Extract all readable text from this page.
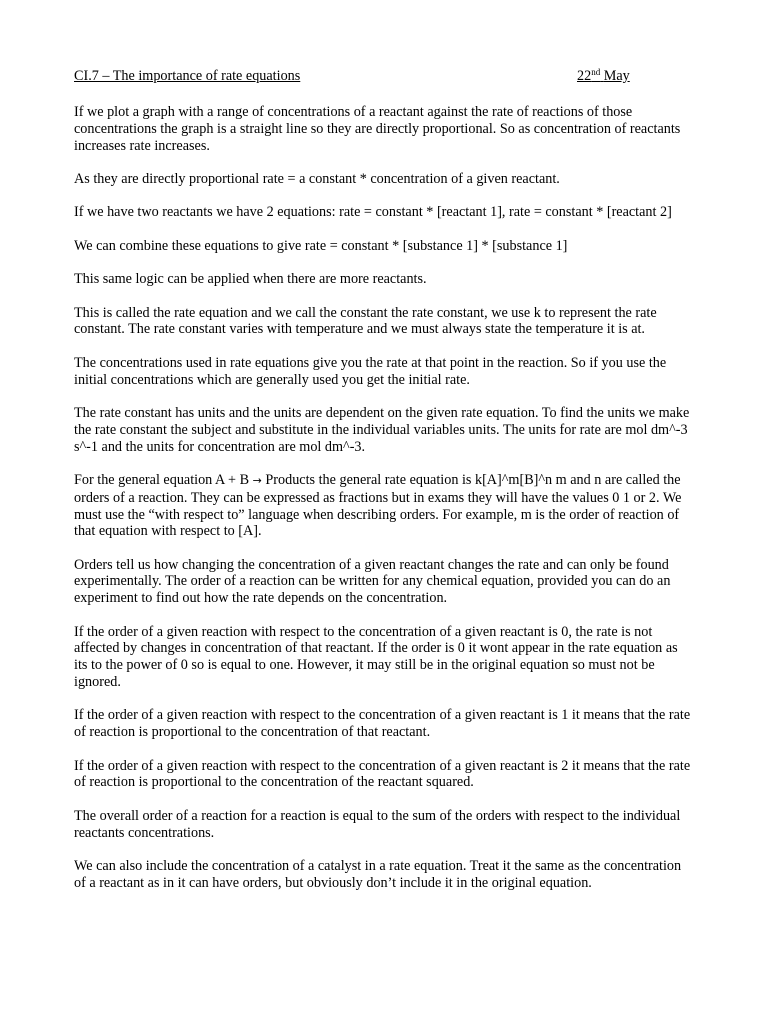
CI.7 – The importance of rate equations	22nd May

If we plot a graph with a range of concentrations of a reactant against the rate of reactions of those concentrations the graph is a straight line so they are directly proportional. So as concentration of reactants increases rate increases.

As they are directly proportional rate = a constant * concentration of a given reactant.

If we have two reactants we have 2 equations: rate = constant * [reactant 1], rate = constant * [reactant 2]

We can combine these equations to give rate = constant * [substance 1] * [substance 1]

This same logic can be applied when there are more reactants.

This is called the rate equation and we call the constant the rate constant, we use k to represent the rate constant. The rate constant varies with temperature and we must always state the temperature it is at.

The concentrations used in rate equations give you the rate at that point in the reaction. So if you use the initial concentrations which are generally used you get the initial rate.

The rate constant has units and the units are dependent on the given rate equation. To find the units we make the rate constant the subject and substitute in the individual variables units. The units for rate are mol dm^-3 s^-1 and the units for concentration are mol dm^-3.

For the general equation A + B → Products the general rate equation is k[A]^m[B]^n m and n are called the orders of a reaction. They can be expressed as fractions but in exams they will have the values 0 1 or 2. We must use the “with respect to” language when describing orders. For example, m is the order of reaction of that equation with respect to [A].

Orders tell us how changing the concentration of a given reactant changes the rate and can only be found experimentally. The order of a reaction can be written for any chemical equation, provided you can do an experiment to find out how the rate depends on the concentration.

If the order of a given reaction with respect to the concentration of a given reactant is 0, the rate is not affected by changes in concentration of that reactant. If the order is 0 it wont appear in the rate equation as its to the power of 0 so is equal to one. However, it may still be in the original equation so must not be ignored.

If the order of a given reaction with respect to the concentration of a given reactant is 1 it means that the rate of reaction is proportional to the concentration of that reactant.

If the order of a given reaction with respect to the concentration of a given reactant is 2 it means that the rate of reaction is proportional to the concentration of the reactant squared.

The overall order of a reaction for a reaction is equal to the sum of the orders with respect to the individual reactants concentrations.

We can also include the concentration of a catalyst in a rate equation. Treat it the same as the concentration of a reactant as in it can have orders, but obviously don’t include it in the original equation.
